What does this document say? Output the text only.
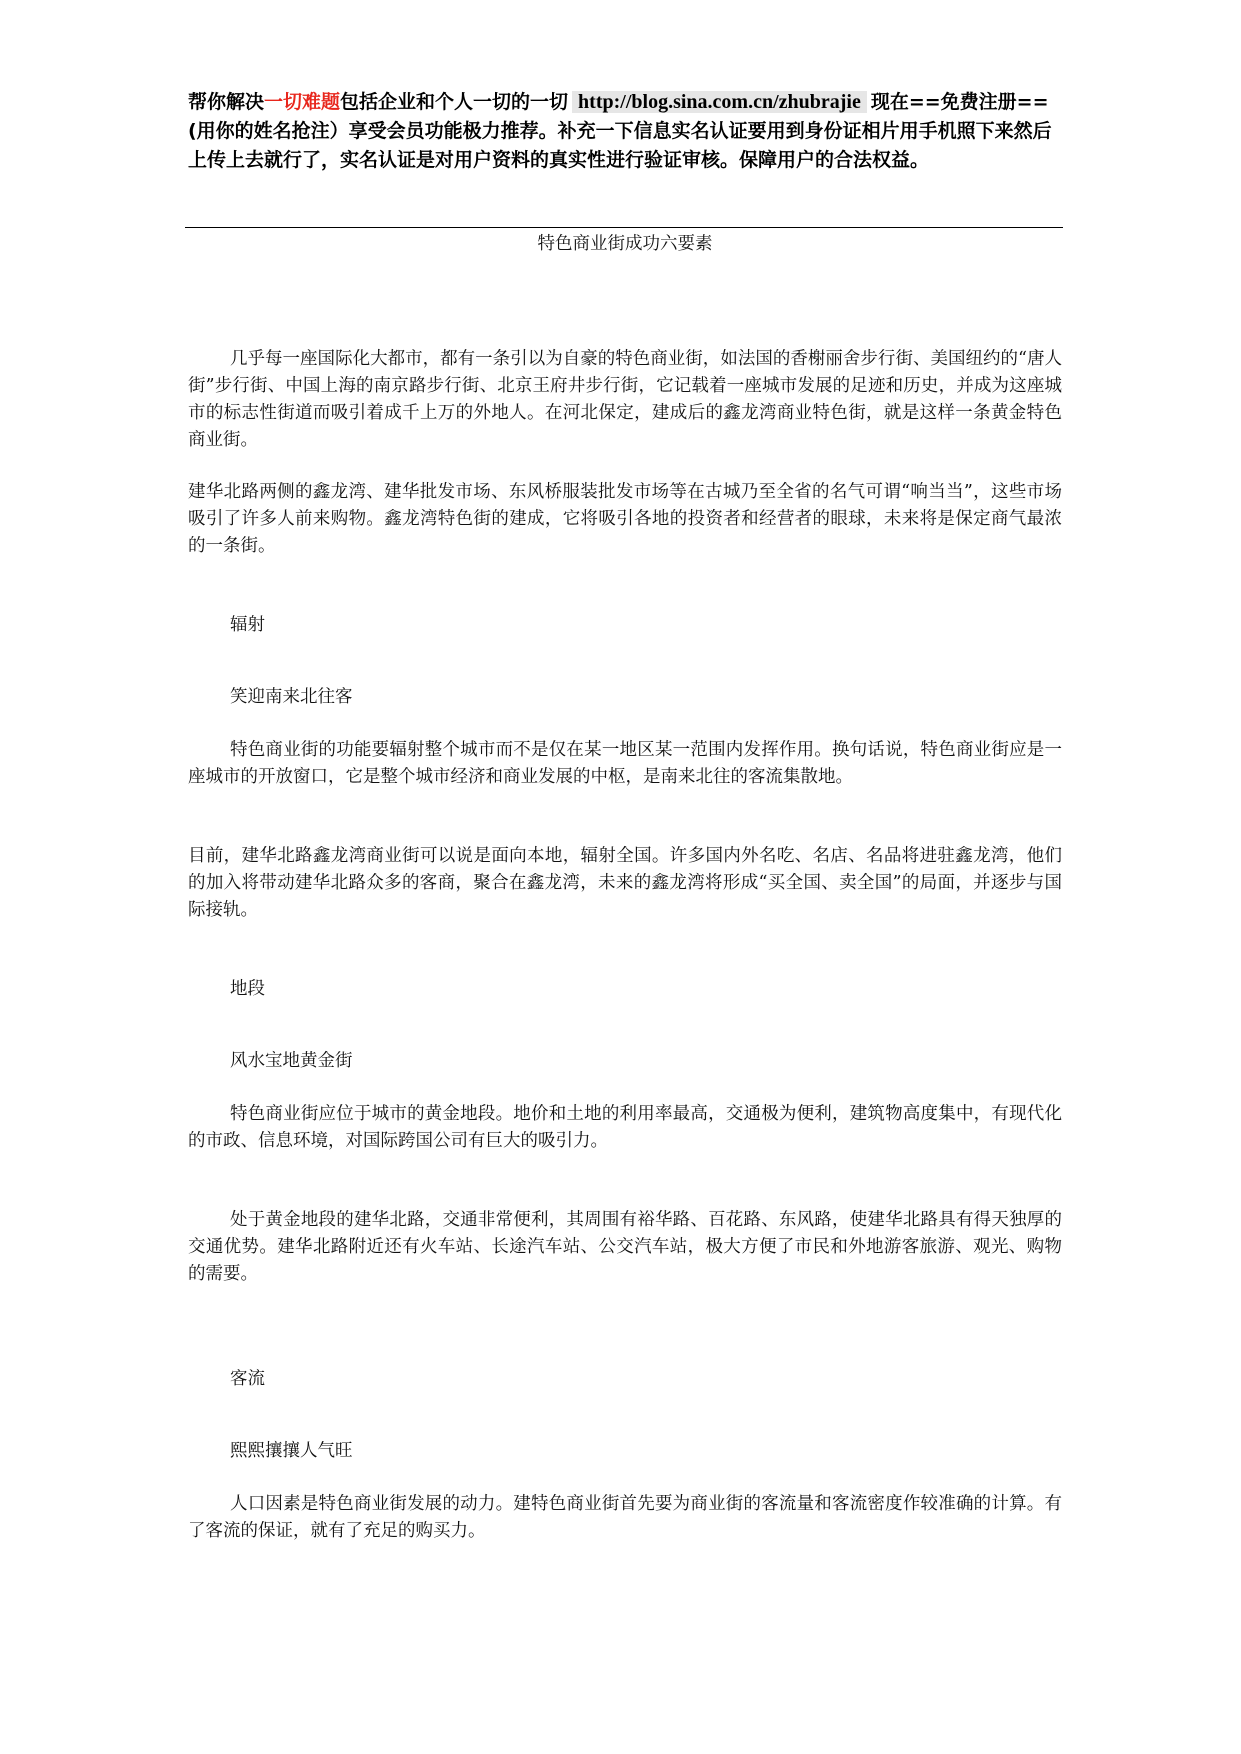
帮你解决一切难题包括企业和个人一切的一切 http://blog.sina.com.cn/zhubrajie 现在==免费注册==(用你的姓名抢注）享受会员功能极力推荐。补充一下信息实名认证要用到身份证相片用手机照下来然后上传上去就行了，实名认证是对用户资料的真实性进行验证审核。保障用户的合法权益。

特色商业街成功六要素

几乎每一座国际化大都市，都有一条引以为自豪的特色商业街，如法国的香榭丽舍步行街、美国纽约的“唐人街”步行街、中国上海的南京路步行街、北京王府井步行街，它记载着一座城市发展的足迹和历史，并成为这座城市的标志性街道而吸引着成千上万的外地人。在河北保定，建成后的鑫龙湾商业特色街，就是这样一条黄金特色商业街。

建华北路两侧的鑫龙湾、建华批发市场、东风桥服装批发市场等在古城乃至全省的名气可谓“响当当”，这些市场吸引了许多人前来购物。鑫龙湾特色街的建成，它将吸引各地的投资者和经营者的眼球，未来将是保定商气最浓的一条街。

辐射

笑迎南来北往客

特色商业街的功能要辐射整个城市而不是仅在某一地区某一范围内发挥作用。换句话说，特色商业街应是一座城市的开放窗口，它是整个城市经济和商业发展的中枢，是南来北往的客流集散地。

目前，建华北路鑫龙湾商业街可以说是面向本地，辐射全国。许多国内外名吃、名店、名品将进驻鑫龙湾，他们的加入将带动建华北路众多的客商，聚合在鑫龙湾，未来的鑫龙湾将形成“买全国、卖全国”的局面，并逐步与国际接轨。

地段

风水宝地黄金街

特色商业街应位于城市的黄金地段。地价和土地的利用率最高，交通极为便利，建筑物高度集中，有现代化的市政、信息环境，对国际跨国公司有巨大的吸引力。

处于黄金地段的建华北路，交通非常便利，其周围有裕华路、百花路、东风路，使建华北路具有得天独厚的交通优势。建华北路附近还有火车站、长途汽车站、公交汽车站，极大方便了市民和外地游客旅游、观光、购物的需要。

客流

熙熙攘攘人气旺

人口因素是特色商业街发展的动力。建特色商业街首先要为商业街的客流量和客流密度作较准确的计算。有了客流的保证，就有了充足的购买力。
